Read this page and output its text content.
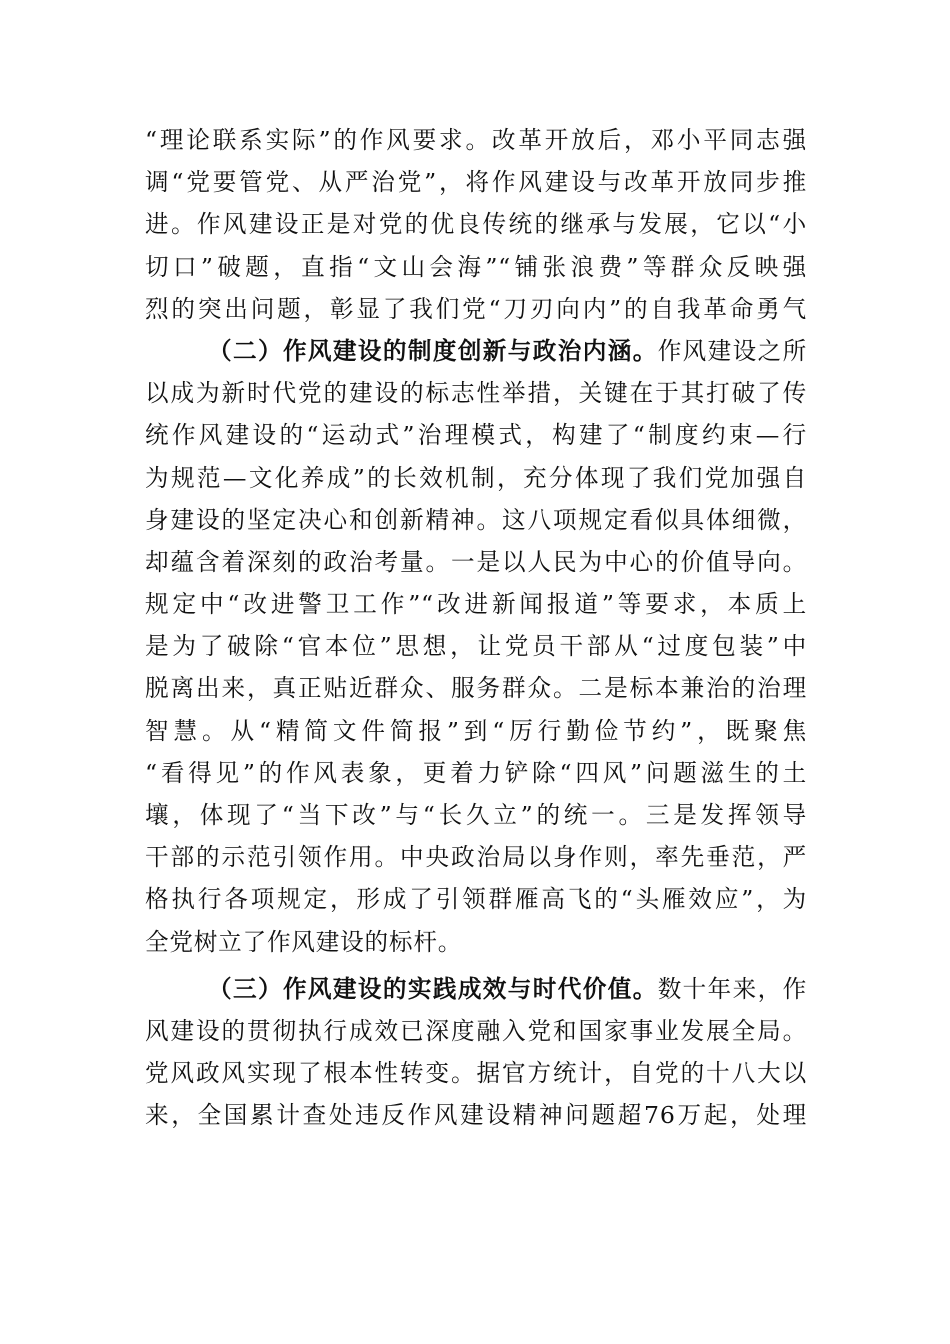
“理论联系实际”的作风要求。改革开放后，邓小平同志强
调“党要管党、从严治党”，将作风建设与改革开放同步推
进。作风建设正是对党的优良传统的继承与发展，它以“小
切口”破题，直指“文山会海”“铺张浪费”等群众反映强
烈的突出问题，彰显了我们党“刀刃向内”的自我革命勇气
（二）作风建设的制度创新与政治内涵。作风建设之所
以成为新时代党的建设的标志性举措，关键在于其打破了传
统作风建设的“运动式”治理模式，构建了“制度约束—行
为规范—文化养成”的长效机制，充分体现了我们党加强自
身建设的坚定决心和创新精神。这八项规定看似具体细微，
却蕴含着深刻的政治考量。一是以人民为中心的价值导向。
规定中“改进警卫工作”“改进新闻报道”等要求，本质上
是为了破除“官本位”思想，让党员干部从“过度包装”中
脱离出来，真正贴近群众、服务群众。二是标本兼治的治理
智慧。从“精简文件简报”到“厉行勤俭节约”，既聚焦
“看得见”的作风表象，更着力铲除“四风”问题滋生的土
壤，体现了“当下改”与“长久立”的统一。三是发挥领导
干部的示范引领作用。中央政治局以身作则，率先垂范，严
格执行各项规定，形成了引领群雁高飞的“头雁效应”，为
全党树立了作风建设的标杆。
（三）作风建设的实践成效与时代价值。数十年来，作
风建设的贯彻执行成效已深度融入党和国家事业发展全局。
党风政风实现了根本性转变。据官方统计，自党的十八大以
来，全国累计查处违反作风建设精神问题超76万起，处理
